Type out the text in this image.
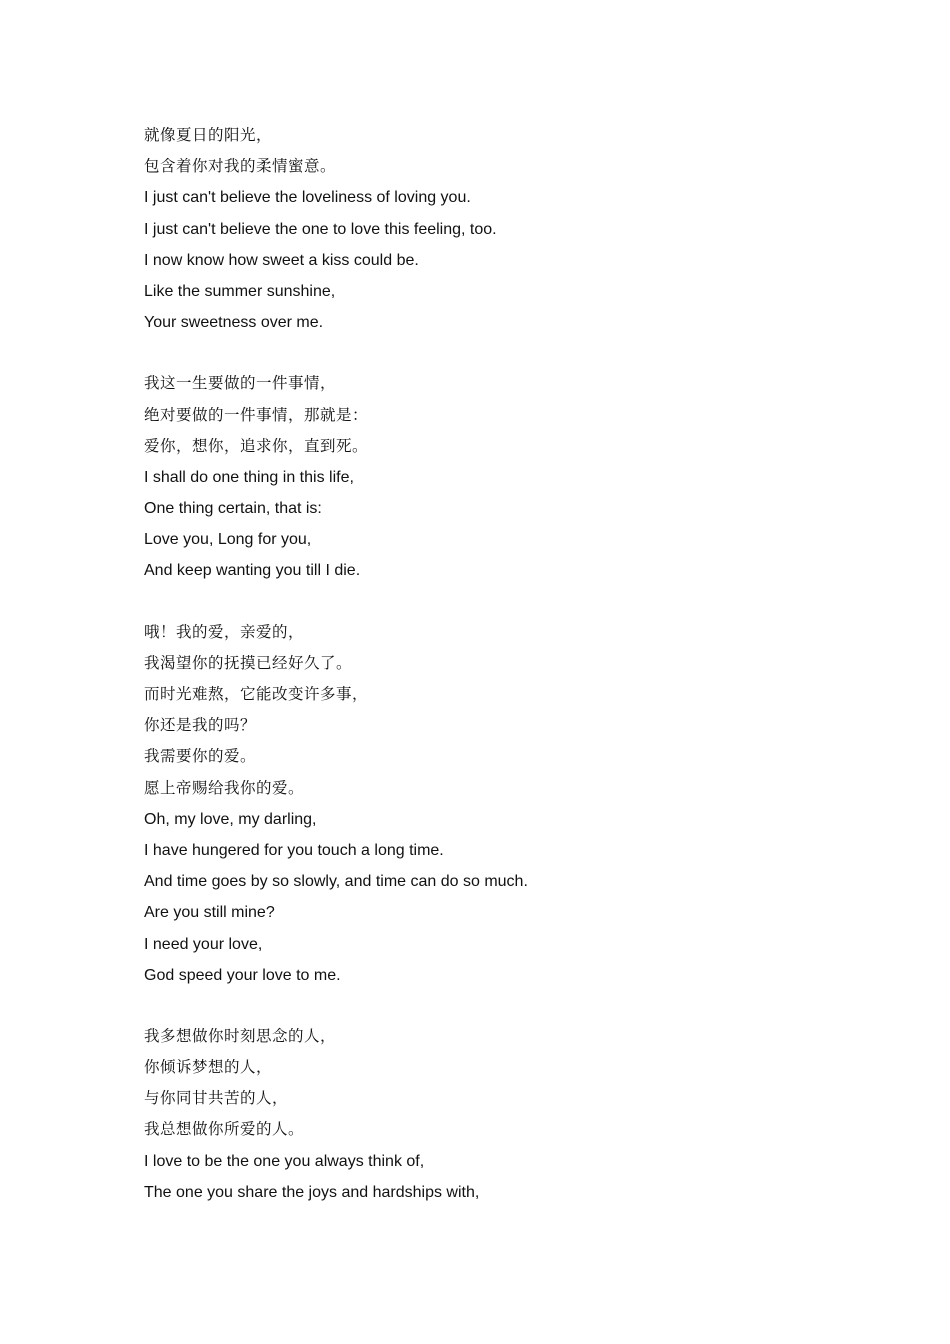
就像夏日的阳光，
包含着你对我的柔情蜜意。
I just can't believe the loveliness of loving you.
I just can't believe the one to love this feeling, too.
I now know how sweet a kiss could be.
Like the summer sunshine,
Your sweetness over me.
我这一生要做的一件事情，
绝对要做的一件事情，那就是：
爱你，想你，追求你，直到死。
I shall do one thing in this life,
One thing certain, that is:
Love you, Long for you,
And keep wanting you till I die.
哦！我的爱，亲爱的，
我渴望你的抚摸已经好久了。
而时光难熬，它能改变许多事，
你还是我的吗？
我需要你的爱。
愿上帝赐给我你的爱。
Oh, my love, my darling,
I have hungered for you touch a long time.
And time goes by so slowly, and time can do so much.
Are you still mine?
I need your love,
God speed your love to me.
我多想做你时刻思念的人，
你倾诉梦想的人，
与你同甘共苦的人，
我总想做你所爱的人。
I love to be the one you always think of,
The one you share the joys and hardships with,
